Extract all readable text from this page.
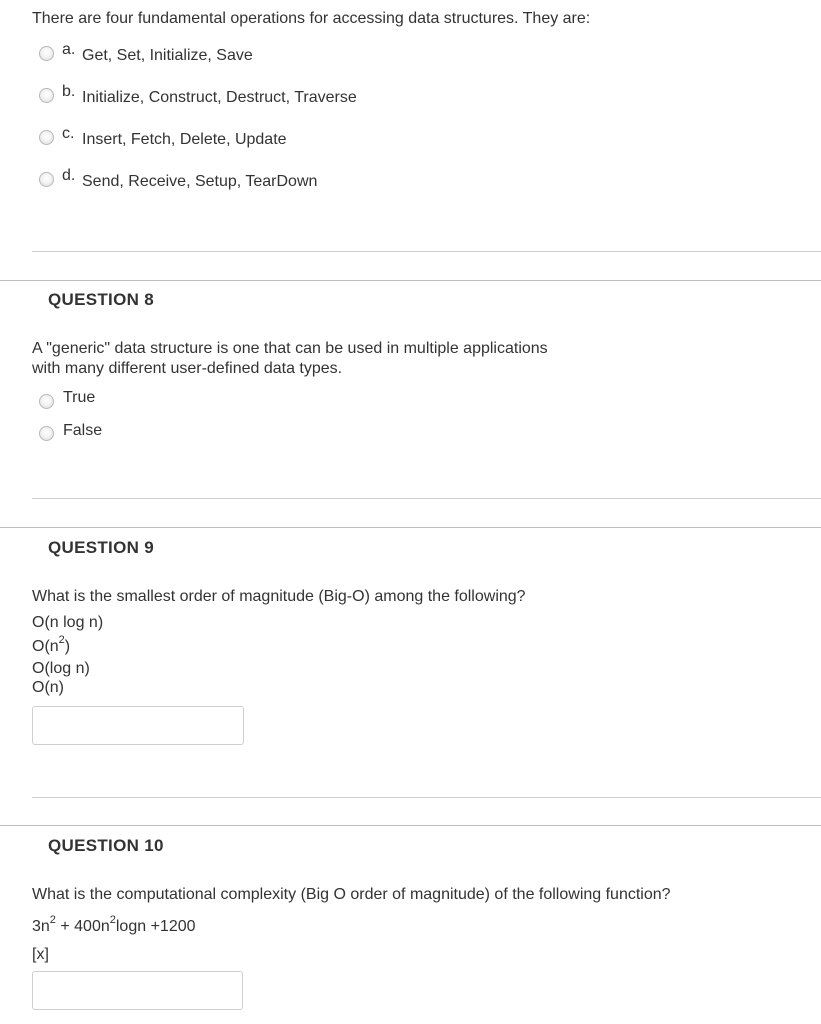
There are four fundamental operations for accessing data structures. They are:
a. Get, Set, Initialize, Save
b. Initialize, Construct, Destruct, Traverse
c. Insert, Fetch, Delete, Update
d. Send, Receive, Setup, TearDown
QUESTION 8
A "generic" data structure is one that can be used in multiple applications
with many different user-defined data types.
True
False
QUESTION 9
What is the smallest order of magnitude (Big-O) among the following?
O(n log n)
$O(n^2)$
O(log n)
O(n)
QUESTION 10
What is the computational complexity (Big O order of magnitude) of the following function?
$3n^2 + 400n^2\log n +1200$
[x]
